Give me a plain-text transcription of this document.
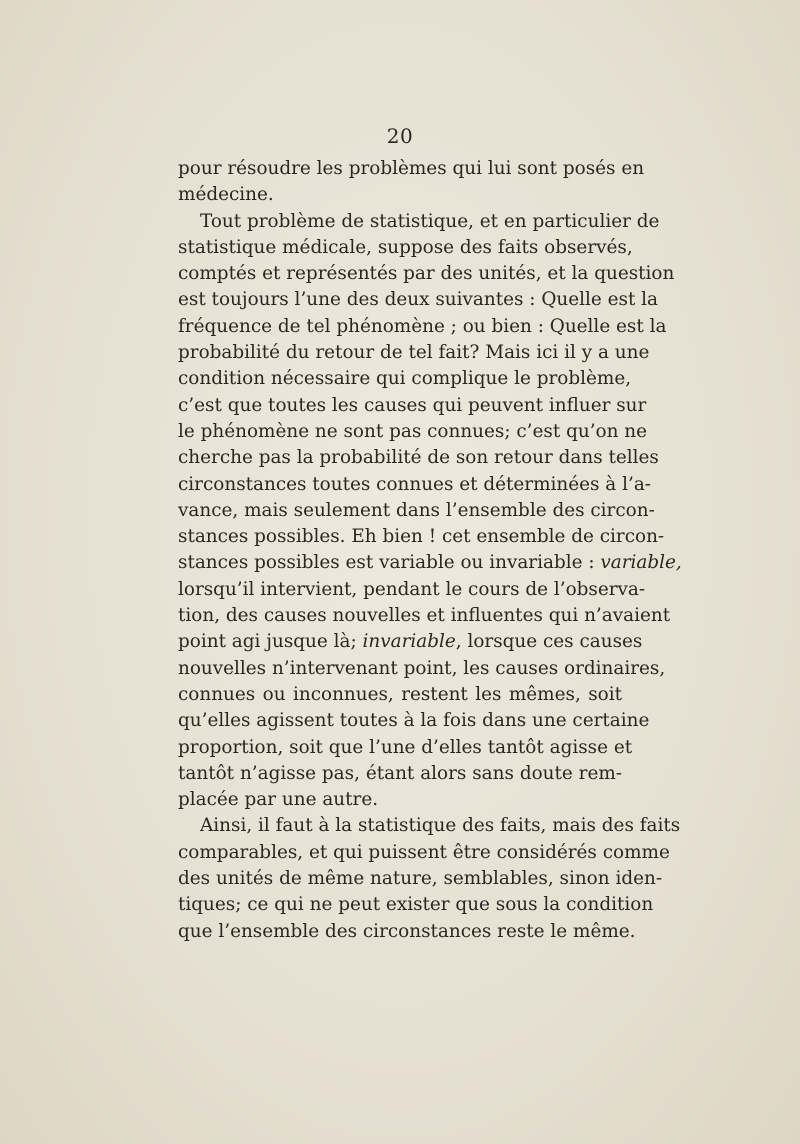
20
pour résoudre les problèmes qui lui sont posés en
médecine.
Tout problème de statistique, et en particulier de
statistique médicale, suppose des faits observés,
comptés et représentés par des unités, et la question
est toujours l’une des deux suivantes : Quelle est la
fréquence de tel phénomène ; ou bien : Quelle est la
probabilité du retour de tel fait? Mais ici il y a une
condition nécessaire qui complique le problème,
c’est que toutes les causes qui peuvent influer sur
le phénomène ne sont pas connues; c’est qu’on ne
cherche pas la probabilité de son retour dans telles
circonstances toutes connues et déterminées à l’a-
vance, mais seulement dans l’ensemble des circon-
stances possibles. Eh bien ! cet ensemble de circon-
stances possibles est variable ou invariable : variable,
lorsqu’il intervient, pendant le cours de l’observa-
tion, des causes nouvelles et influentes qui n’avaient
point agi jusque là; invariable, lorsque ces causes
nouvelles n’intervenant point, les causes ordinaires,
connues ou inconnues, restent les mêmes, soit
qu’elles agissent toutes à la fois dans une certaine
proportion, soit que l’une d’elles tantôt agisse et
tantôt n’agisse pas, étant alors sans doute rem-
placée par une autre.
Ainsi, il faut à la statistique des faits, mais des faits
comparables, et qui puissent être considérés comme
des unités de même nature, semblables, sinon iden-
tiques; ce qui ne peut exister que sous la condition
que l’ensemble des circonstances reste le même.
